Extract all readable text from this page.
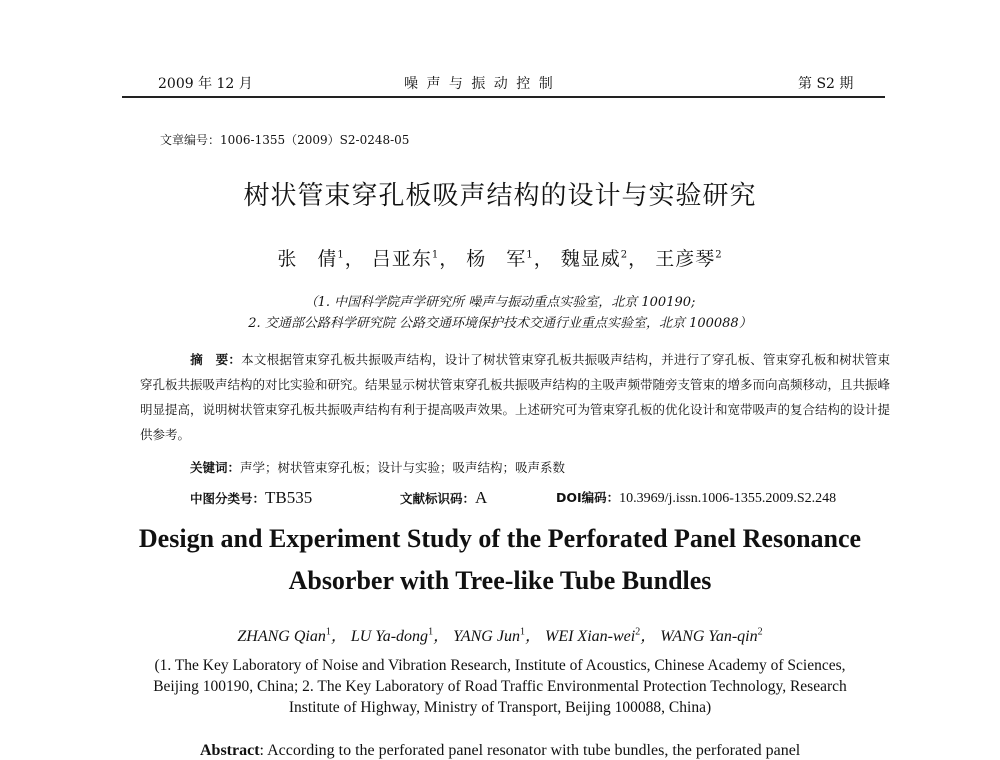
2009 年 12 月	噪 声 与 振 动 控 制	第 S2 期
文章编号：1006-1355（2009）S2-0248-05
树状管束穿孔板吸声结构的设计与实验研究
张　倩$^1$， 吕亚东$^1$， 杨　军$^1$， 魏显威$^2$， 王彦琴$^2$
（1. 中国科学院声学研究所 噪声与振动重点实验室，北京 100190;
2. 交通部公路科学研究院 公路交通环境保护技术交通行业重点实验室，北京 100088）
摘　要：本文根据管束穿孔板共振吸声结构，设计了树状管束穿孔板共振吸声结构，并进行了穿孔板、管束穿孔板和树状管束穿孔板共振吸声结构的对比实验和研究。结果显示树状管束穿孔板共振吸声结构的主吸声频带随旁支管束的增多而向高频移动，且共振峰明显提高，说明树状管束穿孔板共振吸声结构有利于提高吸声效果。上述研究可为管束穿孔板的优化设计和宽带吸声的复合结构的设计提供参考。
关键词：声学；树状管束穿孔板；设计与实验；吸声结构；吸声系数
中图分类号：TB535	文献标识码：A	DOI编码：10.3969/j.issn.1006-1355.2009.S2.248
Design and Experiment Study of the Perforated Panel Resonance
Absorber with Tree-like Tube Bundles
ZHANG Qian$^1$， LU Ya-dong$^1$， YANG Jun$^1$， WEI Xian-wei$^2$， WANG Yan-qin$^2$
(1. The Key Laboratory of Noise and Vibration Research, Institute of Acoustics, Chinese Academy of Sciences, Beijing 100190, China; 2. The Key Laboratory of Road Traffic Environmental Protection Technology, Research Institute of Highway, Ministry of Transport, Beijing 100088, China)
Abstract: According to the perforated panel resonator with tube bundles, the perforated panel
